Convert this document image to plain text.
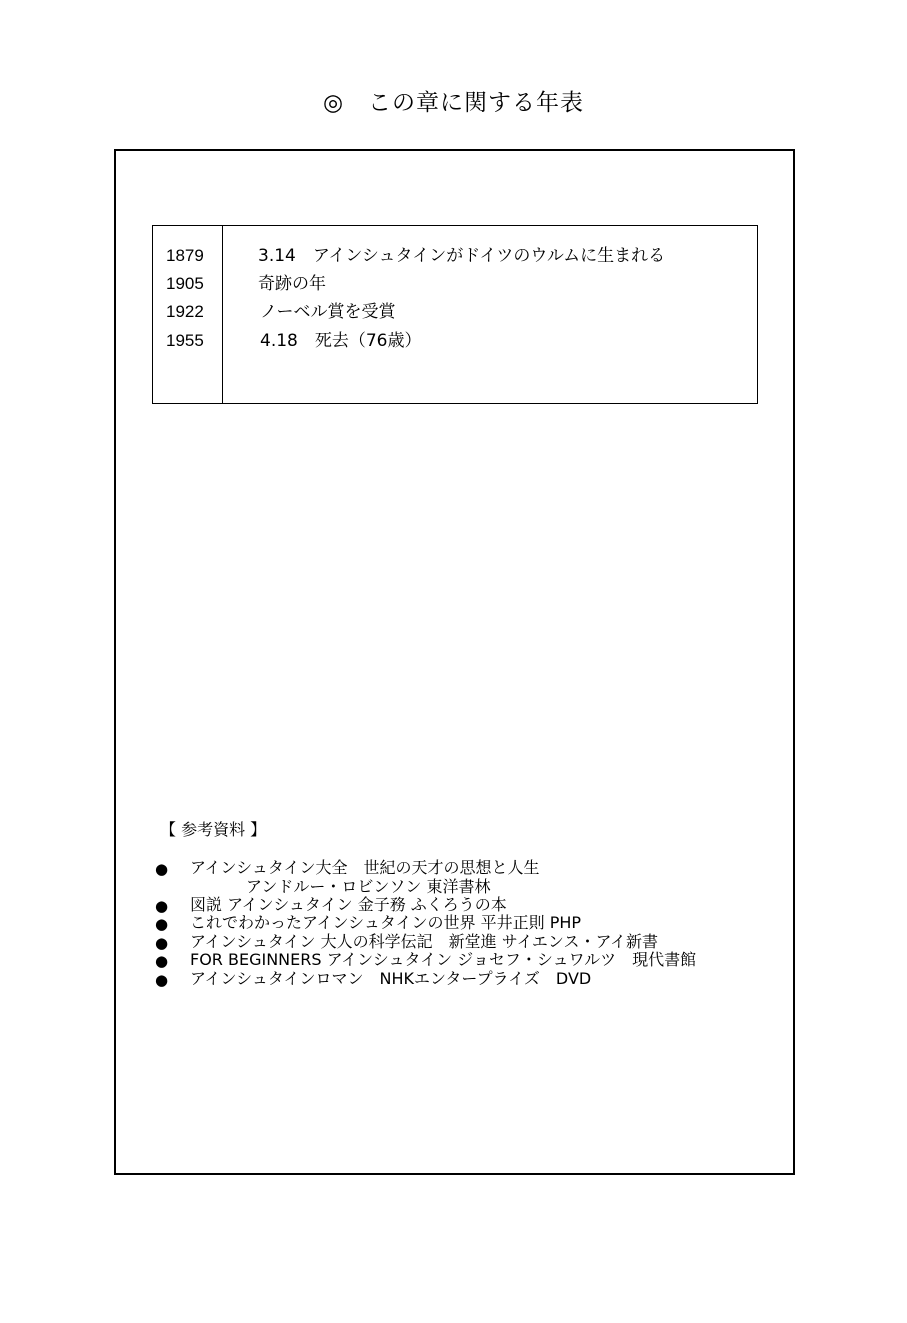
◎　この章に関する年表
1879	3.14　アインシュタインがドイツのウルムに生まれる
1905	奇跡の年
1922	ノーベル賞を受賞
1955	4.18　死去（76歳）
【 参考資料 】
● アインシュタイン大全　世紀の天才の思想と人生
アンドルー・ロビンソン 東洋書林
● 図説 アインシュタイン 金子務 ふくろうの本
● これでわかったアインシュタインの世界 平井正則 PHP
● アインシュタイン 大人の科学伝記　新堂進 サイエンス・アイ新書
● FOR BEGINNERS アインシュタイン ジョセフ・シュワルツ　現代書館
● アインシュタインロマン　NHKエンタープライズ　DVD
